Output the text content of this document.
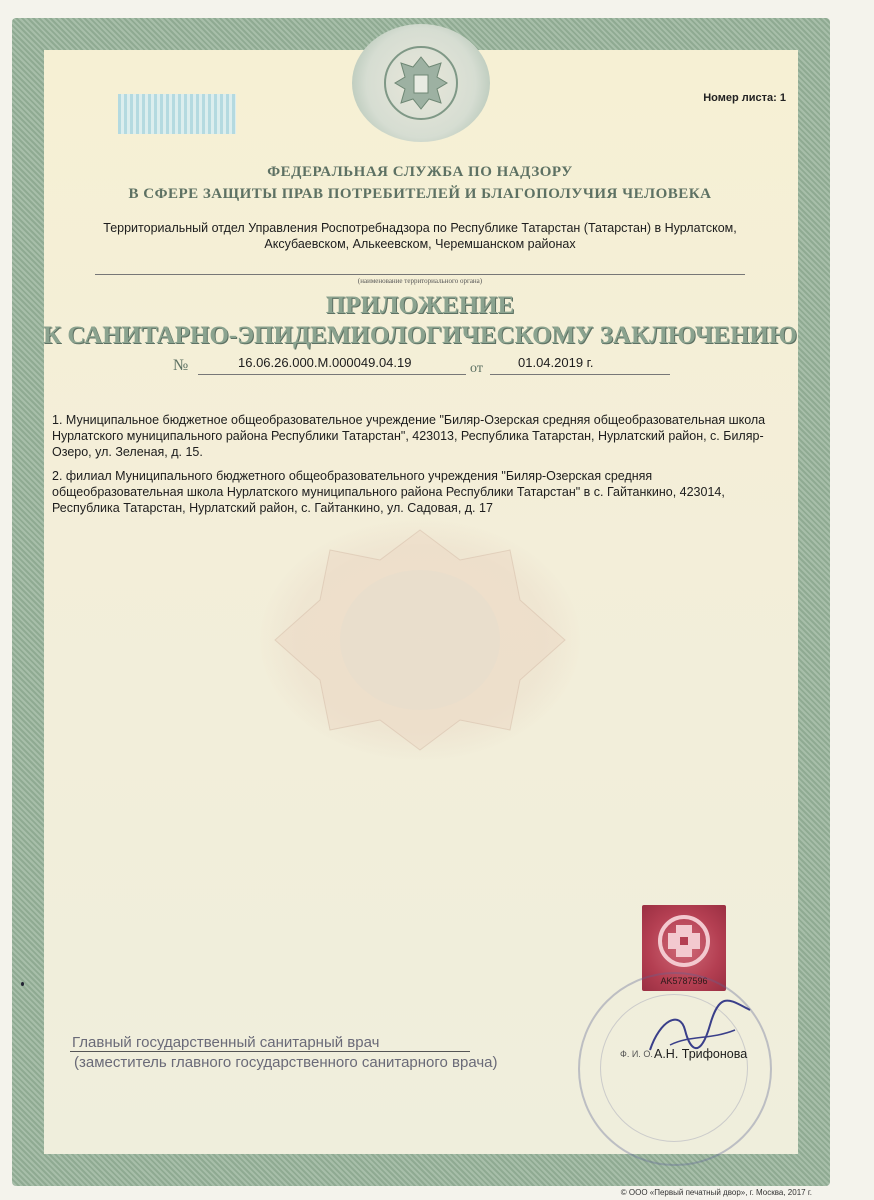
Номер листа: 1
ФЕДЕРАЛЬНАЯ СЛУЖБА ПО НАДЗОРУ
В СФЕРЕ ЗАЩИТЫ ПРАВ ПОТРЕБИТЕЛЕЙ И БЛАГОПОЛУЧИЯ ЧЕЛОВЕКА
Территориальный отдел Управления Роспотребнадзора по Республике Татарстан (Татарстан) в Нурлатском, Аксубаевском, Алькеевском, Черемшанском районах
(наименование территориального органа)
ПРИЛОЖЕНИЕ
К САНИТАРНО-ЭПИДЕМИОЛОГИЧЕСКОМУ ЗАКЛЮЧЕНИЮ
№	16.06.26.000.М.000049.04.19	от	01.04.2019 г.
1. Муниципальное бюджетное общеобразовательное учреждение "Биляр-Озерская средняя общеобразовательная школа Нурлатского муниципального района Республики Татарстан", 423013, Республика Татарстан, Нурлатский район, с. Биляр-Озеро, ул. Зеленая, д. 15.
2. филиал Муниципального бюджетного общеобразовательного учреждения "Биляр-Озерская средняя общеобразовательная школа Нурлатского муниципального района Республики Татарстан" в с. Гайтанкино, 423014, Республика Татарстан, Нурлатский район, с. Гайтанкино, ул. Садовая, д. 17
AK5787596
Главный государственный санитарный врач
(заместитель главного государственного санитарного врача)	Ф. И. О. А.Н. Трифонова
© ООО «Первый печатный двор», г. Москва, 2017 г.
